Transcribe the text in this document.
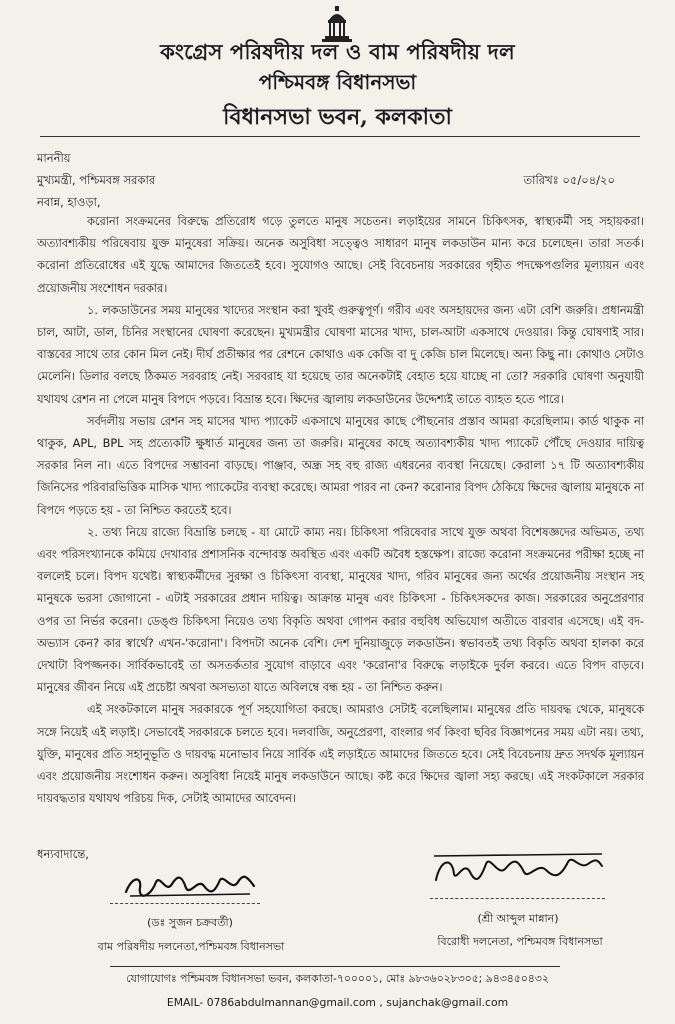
কংগ্রেস পরিষদীয় দল ও বাম পরিষদীয় দল
পশ্চিমবঙ্গ বিধানসভা
বিধানসভা ভবন, কলকাতা
মাননীয়
মুখ্যমন্ত্রী, পশ্চিমবঙ্গ সরকার
নবান্ন, হাওড়া,
তারিখঃ ০৫/০৪/২০

করোনা সংক্রমনের বিরুদ্ধে প্রতিরোধ গড়ে তুলতে মানুষ সচেতন। লড়াইয়ের সামনে চিকিৎসক, স্বাস্থ্যকর্মী সহ সহায়করা। অত্যাবশ্যকীয় পরিষেবায় যুক্ত মানুষেরা সক্রিয়। অনেক অসুবিধা সত্ত্বেও সাধারণ মানুষ লকডাউন মান্য করে চলেছেন। তারা সতর্ক। করোনা প্রতিরোধের এই যুদ্ধে আমাদের জিততেই হবে। সুযোগও আছে। সেই বিবেচনায় সরকারের গৃহীত পদক্ষেপগুলির মূল্যায়ন এবং প্রয়োজনীয় সংশোধন দরকার।

১. লকডাউনের সময় মানুষের খাদ্যের সংস্থান করা খুবই গুরুত্বপূর্ণ। গরীব এবং অসহায়দের জন্য এটা বেশি জরুরি। প্রধানমন্ত্রী চাল, আটা, ডাল, চিনির সংস্থানের ঘোষণা করেছেন। মুখ্যমন্ত্রীর ঘোষণা মাসের খাদ্য, চাল-আটা একসাথে দেওয়ার। কিন্তু ঘোষণাই সার। বাস্তবের সাথে তার কোন মিল নেই। দীর্ঘ প্রতীক্ষার পর রেশনে কোথাও এক কেজি বা দু কেজি চাল মিলেছে। অন্য কিছু না। কোথাও সেটাও মেলেনি। ডিলার বলছে ঠিকমত সরবরাহ নেই। সরবরাহ যা হয়েছে তার অনেকটাই বেহাত হয়ে যাচ্ছে না তো? সরকারি ঘোষণা অনুযায়ী যথাযথ রেশন না পেলে মানুষ বিপদে পড়বে। বিভ্রান্ত হবে। ক্ষিদের জ্বালায় লকডাউনের উদ্দেশ্যই তাতে ব্যাহত হতে পারে।

সর্বদলীয় সভায় রেশন সহ মাসের খাদ্য প্যাকেট একসাথে মানুষের কাছে পৌছনোর প্রস্তাব আমরা করেছিলাম। কার্ড থাকুক না থাকুক, APL, BPL সহ প্রত্যেকটি ক্ষুধার্ত মানুষের জন্য তা জরুরি। মানুষের কাছে অত্যাবশ্যকীয় খাদ্য প্যাকেট পৌঁছে দেওয়ার দায়িত্ব সরকার নিল না। এতে বিপদের সম্ভাবনা বাড়ছে। পাঞ্জাব, অন্ধ্র সহ বহু রাজ্য এধরনের ব্যবস্থা নিয়েছে। কেরালা ১৭ টি অত্যাবশ্যকীয় জিনিসের পরিবারভিত্তিক মাসিক খাদ্য প্যাকেটের ব্যবস্থা করেছে। আমরা পারব না কেন? করোনার বিপদ ঠেকিয়ে ক্ষিদের জ্বালায় মানুষকে না বিপদে পড়তে হয় - তা নিশ্চিত করতেই হবে।

২. তথ্য নিয়ে রাজ্যে বিভ্রান্তি চলছে - যা মোটে কাম্য নয়। চিকিৎসা পরিষেবার সাথে যুক্ত অথবা বিশেষজ্ঞদের অভিমত, তথ্য এবং পরিসংখ্যানকে কমিয়ে দেখাবার প্রশাসনিক বন্দোবস্ত অবস্থিত এবং একটি অবৈধ হস্তক্ষেপ। রাজ্যে করোনা সংক্রমনের পরীক্ষা হচ্ছে না বললেই চলে। বিপদ যথেষ্ট। স্বাস্থ্যকর্মীদের সুরক্ষা ও চিকিৎসা ব্যবস্থা, মানুষের খাদ্য, গরিব মানুষের জন্য অর্থের প্রয়োজনীয় সংস্থান সহ মানুষকে ভরসা জোগানো - এটাই সরকারের প্রধান দায়িত্ব। আক্রান্ত মানুষ এবং চিকিৎসা - চিকিৎসকদের কাজ। সরকারের অনুপ্রেরণার ওপর তা নির্ভর করেনা। ডেঙ্গু চিকিৎসা নিয়েও তথ্য বিকৃতি অথবা গোপন করার বহুবিধ অভিযোগ অতীতে বারবার এসেছে। এই বদ-অভ্যাস কেন? কার স্বার্থে? এখন-'করোনা'। বিপদটা অনেক বেশি। দেশ দুনিয়াজুড়ে লকডাউন। স্বভাবতই তথ্য বিকৃতি অথবা হালকা করে দেখাটা বিপজ্জনক। সার্বিকভাবেই তা অসতর্কতার সুযোগ বাড়াবে এবং 'করোনা'র বিরুদ্ধে লড়াইকে দুর্বল করবে। এতে বিপদ বাড়বে। মানুষের জীবন নিয়ে এই প্রচেষ্টা অথবা অসভ্যতা যাতে অবিলম্বে বন্ধ হয় - তা নিশ্চিত করুন।

এই সংকটকালে মানুষ সরকারকে পূর্ণ সহযোগিতা করছে। আমরাও সেটাই বলেছিলাম। মানুষের প্রতি দায়বদ্ধ থেকে, মানুষকে সঙ্গে নিয়েই এই লড়াই। সেভাবেই সরকারকে চলতে হবে। দলবাজি, অনুপ্রেরণা, বাংলার গর্ব কিংবা ছবির বিজ্ঞাপনের সময় এটা নয়। তথ্য, যুক্তি, মানুষের প্রতি সহানুভূতি ও দায়বদ্ধ মনোভাব নিয়ে সার্বিক এই লড়াইতে আমাদের জিততে হবে। সেই বিবেচনায় দ্রুত সদর্থক মূল্যায়ন এবং প্রয়োজনীয় সংশোধন করুন। অসুবিধা নিয়েই মানুষ লকডাউনে আছে। কষ্ট করে ক্ষিদের জ্বালা সহ্য করছে। এই সংকটকালে সরকার দায়বদ্ধতার যথাযথ পরিচয় দিক, সেটাই আমাদের আবেদন।

ধন্যবাদান্তে,
(ডঃ সুজন চক্রবর্তী)
বাম পরিষদীয় দলনেতা,পশ্চিমবঙ্গ বিধানসভা
(শ্রী আব্দুল মান্নান)
বিরোধী দলনেতা, পশ্চিমবঙ্গ বিধানসভা
যোগাযোগঃ পশ্চিমবঙ্গ বিধানসভা ভবন, কলকাতা-৭০০০০১, মোঃ ৯৮৩৬০২৮৩০৫; ৯৪৩৪৫০৪৩২
EMAIL- 0786abdulmannan@gmail.com , sujanchak@gmail.com
